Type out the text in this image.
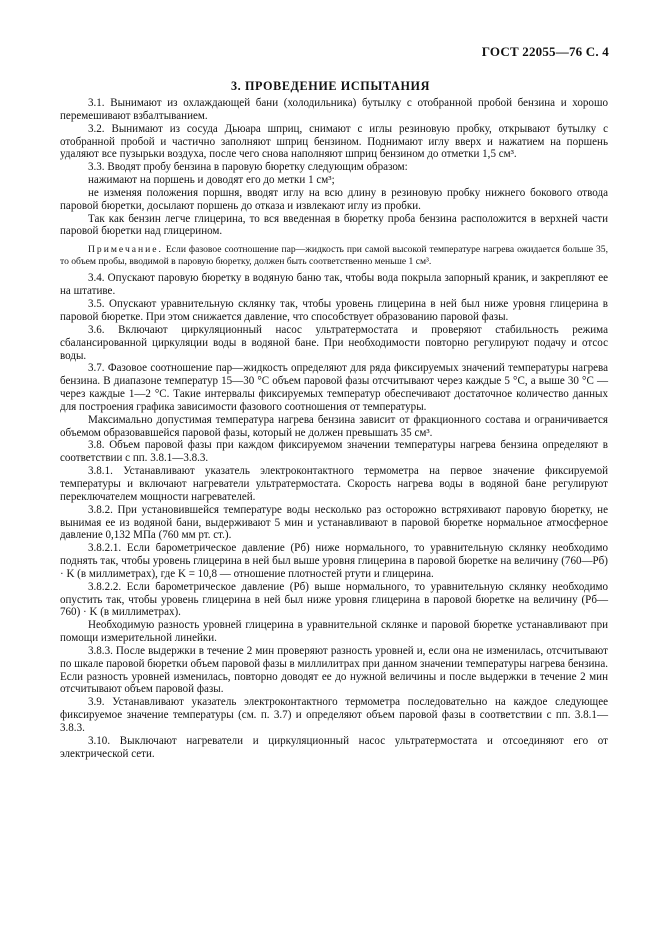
ГОСТ 22055—76 С. 4
3. ПРОВЕДЕНИЕ ИСПЫТАНИЯ

3.1. Вынимают из охлаждающей бани (холодильника) бутылку с отобранной пробой бензина и хорошо перемешивают взбалтыванием.

3.2. Вынимают из сосуда Дьюара шприц, снимают с иглы резиновую пробку, открывают бутылку с отобранной пробой и частично заполняют шприц бензином. Поднимают иглу вверх и нажатием на поршень удаляют все пузырьки воздуха, после чего снова наполняют шприц бензином до отметки 1,5 см³.

3.3. Вводят пробу бензина в паровую бюретку следующим образом:

нажимают на поршень и доводят его до метки 1 см³;

не изменяя положения поршня, вводят иглу на всю длину в резиновую пробку нижнего бокового отвода паровой бюретки, досылают поршень до отказа и извлекают иглу из пробки.

Так как бензин легче глицерина, то вся введенная в бюретку проба бензина расположится в верхней части паровой бюретки над глицерином.

Примечание. Если фазовое соотношение пар—жидкость при самой высокой температуре нагрева ожидается больше 35, то объем пробы, вводимой в паровую бюретку, должен быть соответственно меньше 1 см³.

3.4. Опускают паровую бюретку в водяную баню так, чтобы вода покрыла запорный краник, и закрепляют ее на штативе.

3.5. Опускают уравнительную склянку так, чтобы уровень глицерина в ней был ниже уровня глицерина в паровой бюретке. При этом снижается давление, что способствует образованию паровой фазы.

3.6. Включают циркуляционный насос ультратермостата и проверяют стабильность режима сбалансированной циркуляции воды в водяной бане. При необходимости повторно регулируют подачу и отсос воды.

3.7. Фазовое соотношение пар—жидкость определяют для ряда фиксируемых значений температуры нагрева бензина. В диапазоне температур 15—30 °С объем паровой фазы отсчитывают через каждые 5 °С, а выше 30 °С — через каждые 1—2 °С. Такие интервалы фиксируемых температур обеспечивают достаточное количество данных для построения графика зависимости фазового соотношения от температуры.

Максимально допустимая температура нагрева бензина зависит от фракционного состава и ограничивается объемом образовавшейся паровой фазы, который не должен превышать 35 см³.

3.8. Объем паровой фазы при каждом фиксируемом значении температуры нагрева бензина определяют в соответствии с пп. 3.8.1—3.8.3.

3.8.1. Устанавливают указатель электроконтактного термометра на первое значение фиксируемой температуры и включают нагреватели ультратермостата. Скорость нагрева воды в водяной бане регулируют переключателем мощности нагревателей.

3.8.2. При установившейся температуре воды несколько раз осторожно встряхивают паровую бюретку, не вынимая ее из водяной бани, выдерживают 5 мин и устанавливают в паровой бюретке нормальное атмосферное давление 0,132 МПа (760 мм рт. ст.).

3.8.2.1. Если барометрическое давление (Pб) ниже нормального, то уравнительную склянку необходимо поднять так, чтобы уровень глицерина в ней был выше уровня глицерина в паровой бюретке на величину (760—Pб) · K (в миллиметрах), где K = 10,8 — отношение плотностей ртути и глицерина.

3.8.2.2. Если барометрическое давление (Pб) выше нормального, то уравнительную склянку необходимо опустить так, чтобы уровень глицерина в ней был ниже уровня глицерина в паровой бюретке на величину (Pб—760) · K (в миллиметрах).

Необходимую разность уровней глицерина в уравнительной склянке и паровой бюретке устанавливают при помощи измерительной линейки.

3.8.3. После выдержки в течение 2 мин проверяют разность уровней и, если она не изменилась, отсчитывают по шкале паровой бюретки объем паровой фазы в миллилитрах при данном значении температуры нагрева бензина. Если разность уровней изменилась, повторно доводят ее до нужной величины и после выдержки в течение 2 мин отсчитывают объем паровой фазы.

3.9. Устанавливают указатель электроконтактного термометра последовательно на каждое следующее фиксируемое значение температуры (см. п. 3.7) и определяют объем паровой фазы в соответствии с пп. 3.8.1—3.8.3.

3.10. Выключают нагреватели и циркуляционный насос ультратермостата и отсоединяют его от электрической сети.
